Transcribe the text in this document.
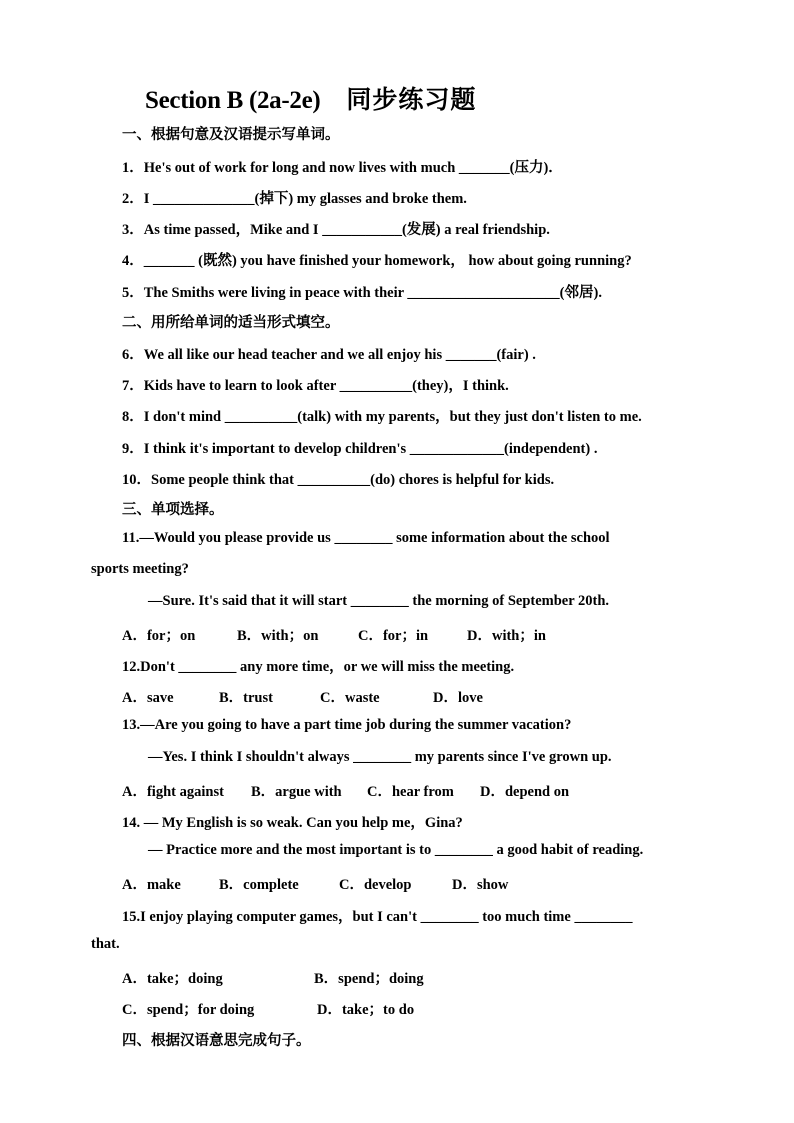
Section B (2a-2e) 同步练习题
一、根据句意及汉语提示写单词。
1．He's out of work for long and now lives with much _______(压力)．
2．I ______________(掉下) my glasses and broke them.
3．As time passed，Mike and I ___________(发展) a real friendship.
4．_______ (既然) you have finished your homework， how about going running?
5．The Smiths were living in peace with their _____________________(邻居).
二、用所给单词的适当形式填空。
6．We all like our head teacher and we all enjoy his _______(fair) .
7．Kids have to learn to look after __________(they)，I think.
8．I don't mind __________(talk) with my parents，but they just don't listen to me.
9．I think it's important to develop children's _____________(independent) .
10．Some people think that __________(do) chores is helpful for kids.
三、单项选择。
11.—Would you please provide us ________ some information about the school
sports meeting?
—Sure. It's said that it will start ________ the morning of September 20th.
A．for；on	B．with；on	C．for；in	D．with；in
12.Don't ________ any more time，or we will miss the meeting.
A．save	B．trust	C．waste	D．love
13.—Are you going to have a part time job during the summer vacation?
—Yes. I think I shouldn't always ________ my parents since I've grown up.
A．fight against B．argue with C．hear from D．depend on
14. — My English is so weak. Can you help me，Gina?
— Practice more and the most important is to ________ a good habit of reading.
A．make	B．complete	C．develop	D．show
15.I enjoy playing computer games，but I can't ________ too much time ________
that.
A．take；doing	B．spend；doing
C．spend；for doing	D．take；to do
四、根据汉语意思完成句子。
